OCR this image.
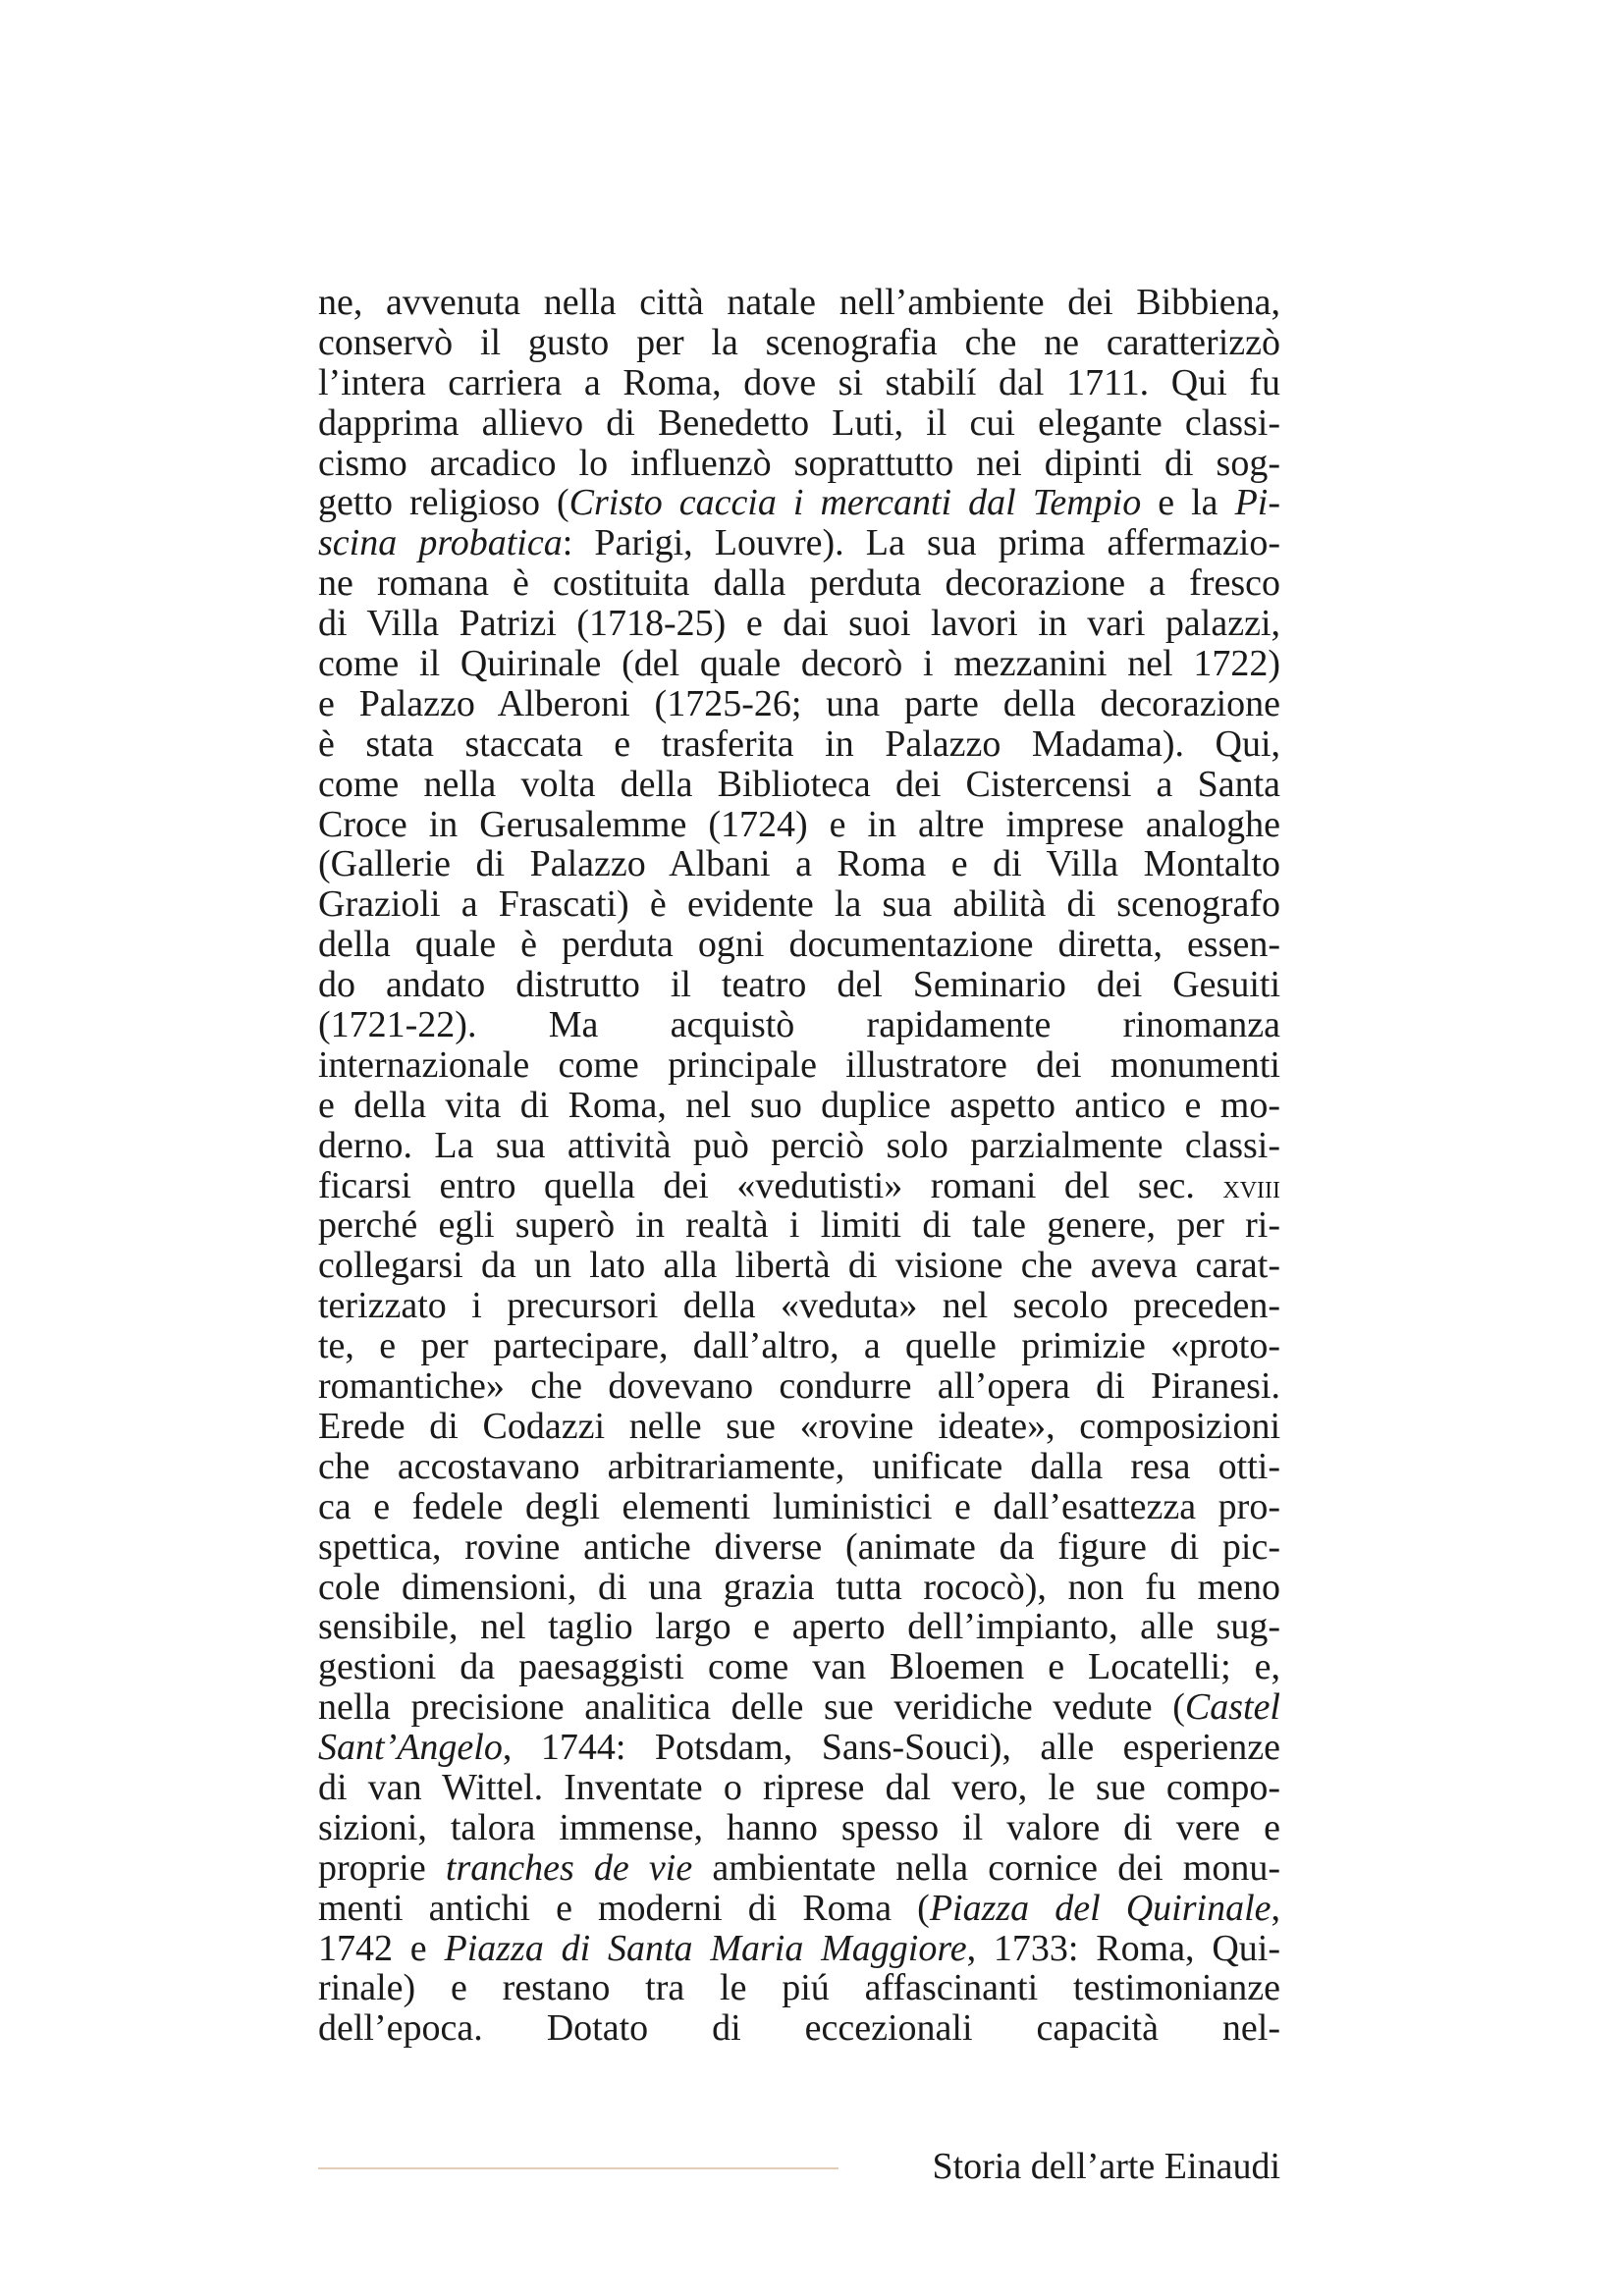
ne, avvenuta nella città natale nell’ambiente dei Bibbiena,
conservò il gusto per la scenografia che ne caratterizzò
l’intera carriera a Roma, dove si stabilí dal 1711. Qui fu
dapprima allievo di Benedetto Luti, il cui elegante classi-
cismo arcadico lo influenzò soprattutto nei dipinti di sog-
getto religioso (Cristo caccia i mercanti dal Tempio e la Pi-
scina probatica: Parigi, Louvre). La sua prima affermazio-
ne romana è costituita dalla perduta decorazione a fresco
di Villa Patrizi (1718-25) e dai suoi lavori in vari palazzi,
come il Quirinale (del quale decorò i mezzanini nel 1722)
e Palazzo Alberoni (1725-26; una parte della decorazione
è stata staccata e trasferita in Palazzo Madama). Qui,
come nella volta della Biblioteca dei Cistercensi a Santa
Croce in Gerusalemme (1724) e in altre imprese analoghe
(Gallerie di Palazzo Albani a Roma e di Villa Montalto
Grazioli a Frascati) è evidente la sua abilità di scenografo
della quale è perduta ogni documentazione diretta, essen-
do andato distrutto il teatro del Seminario dei Gesuiti
(1721-22). Ma acquistò rapidamente rinomanza
internazionale come principale illustratore dei monumenti
e della vita di Roma, nel suo duplice aspetto antico e mo-
derno. La sua attività può perciò solo parzialmente classi-
ficarsi entro quella dei «vedutisti» romani del sec. xviii
perché egli superò in realtà i limiti di tale genere, per ri-
collegarsi da un lato alla libertà di visione che aveva carat-
terizzato i precursori della «veduta» nel secolo preceden-
te, e per partecipare, dall’altro, a quelle primizie «proto-
romantiche» che dovevano condurre all’opera di Piranesi.
Erede di Codazzi nelle sue «rovine ideate», composizioni
che accostavano arbitrariamente, unificate dalla resa otti-
ca e fedele degli elementi luministici e dall’esattezza pro-
spettica, rovine antiche diverse (animate da figure di pic-
cole dimensioni, di una grazia tutta rococò), non fu meno
sensibile, nel taglio largo e aperto dell’impianto, alle sug-
gestioni da paesaggisti come van Bloemen e Locatelli; e,
nella precisione analitica delle sue veridiche vedute (Castel
Sant’Angelo, 1744: Potsdam, Sans-Souci), alle esperienze
di van Wittel. Inventate o riprese dal vero, le sue compo-
sizioni, talora immense, hanno spesso il valore di vere e
proprie tranches de vie ambientate nella cornice dei monu-
menti antichi e moderni di Roma (Piazza del Quirinale,
1742 e Piazza di Santa Maria Maggiore, 1733: Roma, Qui-
rinale) e restano tra le piú affascinanti testimonianze
dell’epoca. Dotato di eccezionali capacità nel-
Storia dell’arte Einaudi
